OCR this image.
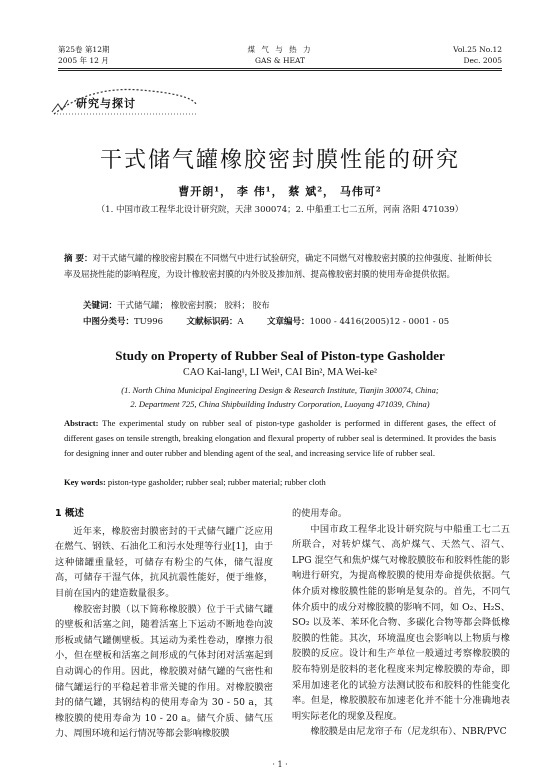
第25卷 第12期
2005 年 12 月
煤 气 与 热 力
GAS & HEAT
Vol.25 No.12
Dec. 2005
研究与探讨
干式储气罐橡胶密封膜性能的研究
曹开朗¹， 李 伟¹， 蔡 斌²， 马伟可²
（1. 中国市政工程华北设计研究院，天津 300074；2. 中船重工七二五所，河南 洛阳 471039）
摘 要：对干式储气罐的橡胶密封膜在不同燃气中进行试验研究，确定不同燃气对橡胶密封膜的拉伸强度、扯断伸长率及屈挠性能的影响程度，为设计橡胶密封膜的内外胶及掺加剂、提高橡胶密封膜的使用寿命提供依据。
关键词：干式储气罐； 橡胶密封膜； 胶料； 胶布
中图分类号：TU996	文献标识码：A	文章编号：1000 - 4416(2005)12 - 0001 - 05
Study on Property of Rubber Seal of Piston-type Gasholder
CAO Kai-lang¹, LI Wei¹, CAI Bin², MA Wei-ke²
(1. North China Municipal Engineering Design & Research Institute, Tianjin 300074, China;
2. Department 725, China Shipbuilding Industry Corporation, Luoyang 471039, China)
Abstract: The experimental study on rubber seal of piston-type gasholder is performed in different gases, the effect of different gases on tensile strength, breaking elongation and flexural property of rubber seal is determined. It provides the basis for designing inner and outer rubber and blending agent of the seal, and increasing service life of rubber seal.
Key words: piston-type gasholder; rubber seal; rubber material; rubber cloth

1 概述

近年来，橡胶密封膜密封的干式储气罐广泛应用在燃气、钢铁、石油化工和污水处理等行业[1]，由于这种储罐重量轻，可储存有粉尘的气体，储气湿度高，可储存干湿气体，抗风抗震性能好，便于维修，目前在国内的建造数量很多。

橡胶密封膜（以下简称橡胶膜）位于干式储气罐的壁板和活塞之间，随着活塞上下运动不断地卷向波形板或储气罐侧壁板。其运动为柔性卷动，摩擦力很小，但在壁板和活塞之间形成的气体封闭对活塞起到自动调心的作用。因此，橡胶膜对储气罐的气密性和储气罐运行的平稳起着非常关键的作用。对橡胶膜密封的储气罐，其钢结构的使用寿命为 30 - 50 a，其橡胶膜的使用寿命为 10 - 20 a。储气介质、储气压力、周围环境和运行情况等都会影响橡胶膜

的使用寿命。

中国市政工程华北设计研究院与中船重工七二五所联合，对转炉煤气、高炉煤气、天然气、沼气、LPG 混空气和焦炉煤气对橡胶膜胶布和胶料性能的影响进行研究，为提高橡胶膜的使用寿命提供依据。气体介质对橡胶膜性能的影响是复杂的。首先，不同气体介质中的成分对橡胶膜的影响不同，如 O₂、H₂S、SO₂ 以及苯、苯环化合物、多碳化合物等都会降低橡胶膜的性能。其次，环境温度也会影响以上物质与橡胶膜的反应。设计和生产单位一般通过考察橡胶膜的胶布特别是胶料的老化程度来判定橡胶膜的寿命，即采用加速老化的试验方法测试胶布和胶料的性能变化率。但是，橡胶膜胶布加速老化并不能十分准确地表明实际老化的现象及程度。

橡胶膜是由尼龙帘子布（尼龙织布）、NBR/PVC

· 1 ·
